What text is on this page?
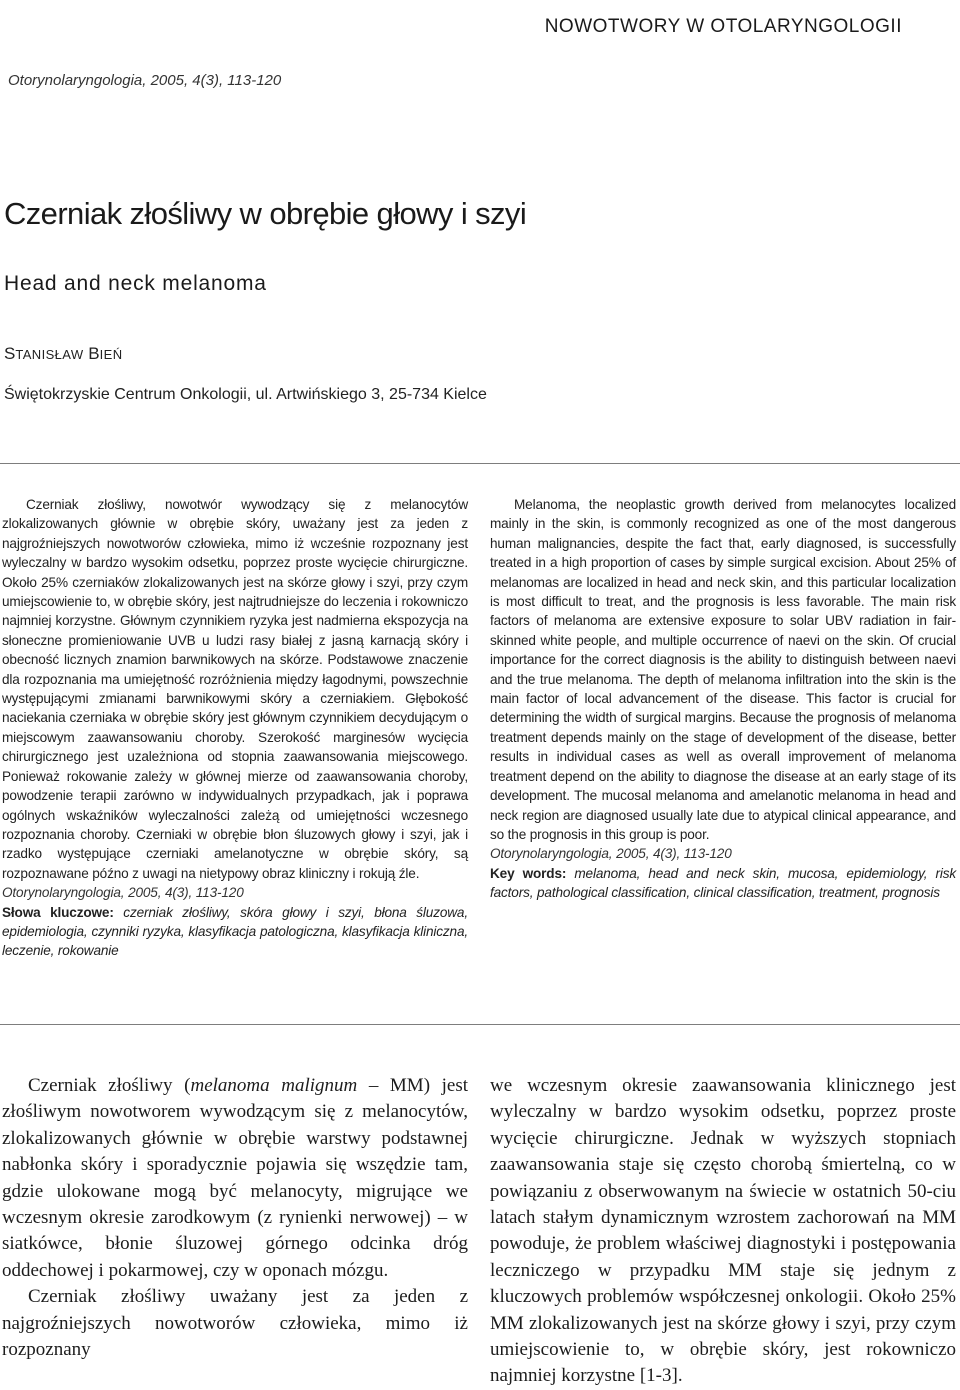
NOWOTWORY W OTOLARYNGOLOGII
Otorynolaryngologia, 2005, 4(3), 113-120
Czerniak złośliwy w obrębie głowy i szyi
Head and neck melanoma
STANISŁAW BIEŃ
Świętokrzyskie Centrum Onkologii, ul. Artwińskiego 3, 25-734 Kielce

Czerniak złośliwy, nowotwór wywodzący się z melanocytów zlokalizowanych głównie w obrębie skóry, uważany jest za jeden z najgroźniejszych nowotworów człowieka, mimo iż wcześnie rozpoznany jest wyleczalny w bardzo wysokim odsetku, poprzez proste wycięcie chirurgiczne. Około 25% czerniaków zlokalizowanych jest na skórze głowy i szyi, przy czym umiejscowienie to, w obrębie skóry, jest najtrudniejsze do leczenia i rokowniczo najmniej korzystne. Głównym czynnikiem ryzyka jest nadmierna ekspozycja na słoneczne promieniowanie UVB u ludzi rasy białej z jasną karnacją skóry i obecność licznych znamion barwnikowych na skórze. Podstawowe znaczenie dla rozpoznania ma umiejętność rozróżnienia między łagodnymi, powszechnie występującymi zmianami barwnikowymi skóry a czerniakiem. Głębokość naciekania czerniaka w obrębie skóry jest głównym czynnikiem decydującym o miejscowym zaawansowaniu choroby. Szerokość marginesów wycięcia chirurgicznego jest uzależniona od stopnia zaawansowania miejscowego. Ponieważ rokowanie zależy w głównej mierze od zaawansowania choroby, powodzenie terapii zarówno w indywidualnych przypadkach, jak i poprawa ogólnych wskaźników wyleczalności zależą od umiejętności wczesnego rozpoznania choroby. Czerniaki w obrębie błon śluzowych głowy i szyi, jak i rzadko występujące czerniaki amelanotyczne w obrębie skóry, są rozpoznawane późno z uwagi na nietypowy obraz kliniczny i rokują źle.

Otorynolaryngologia, 2005, 4(3), 113-120

Słowa kluczowe: czerniak złośliwy, skóra głowy i szyi, błona śluzowa, epidemiologia, czynniki ryzyka, klasyfikacja patologiczna, klasyfikacja kliniczna, leczenie, rokowanie

Melanoma, the neoplastic growth derived from melanocytes localized mainly in the skin, is commonly recognized as one of the most dangerous human malignancies, despite the fact that, early diagnosed, is successfully treated in a high proportion of cases by simple surgical excision. About 25% of melanomas are localized in head and neck skin, and this particular localization is most difficult to treat, and the prognosis is less favorable. The main risk factors of melanoma are extensive exposure to solar UBV radiation in fair-skinned white people, and multiple occurrence of naevi on the skin. Of crucial importance for the correct diagnosis is the ability to distinguish between naevi and the true melanoma. The depth of melanoma infiltration into the skin is the main factor of local advancement of the disease. This factor is crucial for determining the width of surgical margins. Because the prognosis of melanoma treatment depends mainly on the stage of development of the disease, better results in individual cases as well as overall improvement of melanoma treatment depend on the ability to diagnose the disease at an early stage of its development. The mucosal melanoma and amelanotic melanoma in head and neck region are diagnosed usually late due to atypical clinical appearance, and so the prognosis in this group is poor.

Otorynolaryngologia, 2005, 4(3), 113-120

Key words: melanoma, head and neck skin, mucosa, epidemiology, risk factors, pathological classification, clinical classification, treatment, prognosis

Czerniak złośliwy (melanoma malignum – MM) jest złośliwym nowotworem wywodzącym się z melanocytów, zlokalizowanych głównie w obrębie warstwy podstawnej nabłonka skóry i sporadycznie pojawia się wszędzie tam, gdzie ulokowane mogą być melanocyty, migrujące we wczesnym okresie zarodkowym (z rynienki nerwowej) – w siatkówce, błonie śluzowej górnego odcinka dróg oddechowej i pokarmowej, czy w oponach mózgu.

Czerniak złośliwy uważany jest za jeden z najgroźniejszych nowotworów człowieka, mimo iż rozpoznany

we wczesnym okresie zaawansowania klinicznego jest wyleczalny w bardzo wysokim odsetku, poprzez proste wycięcie chirurgiczne. Jednak w wyższych stopniach zaawansowania staje się często chorobą śmiertelną, co w powiązaniu z obserwowanym na świecie w ostatnich 50-ciu latach stałym dynamicznym wzrostem zachorowań na MM powoduje, że problem właściwej diagnostyki i postępowania leczniczego w przypadku MM staje się jednym z kluczowych problemów współczesnej onkologii. Około 25% MM zlokalizowanych jest na skórze głowy i szyi, przy czym umiejscowienie to, w obrębie skóry, jest rokowniczo najmniej korzystne [1-3].
